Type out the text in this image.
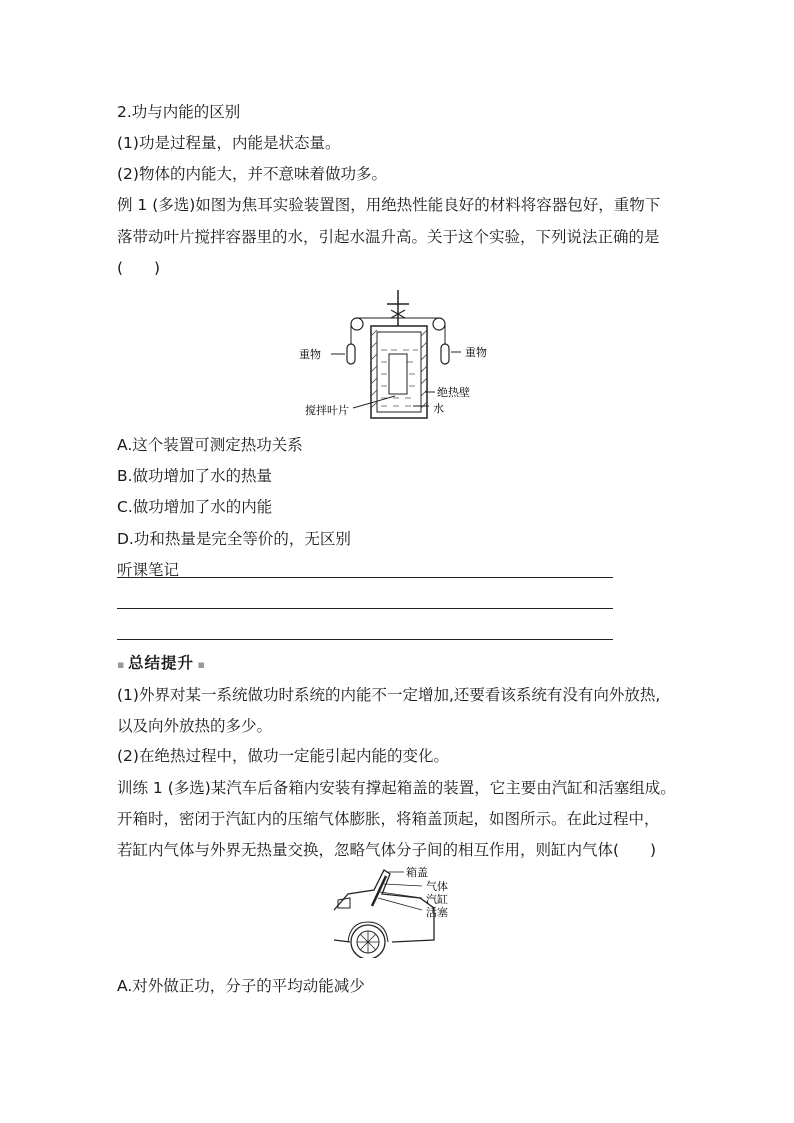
2.功与内能的区别
(1)功是过程量，内能是状态量。
(2)物体的内能大，并不意味着做功多。
例 1 (多选)如图为焦耳实验装置图，用绝热性能良好的材料将容器包好，重物下
落带动叶片搅拌容器里的水，引起水温升高。关于这个实验，下列说法正确的是
(　　)
重物	重物
绝热壁
水
搅拌叶片
A.这个装置可测定热功关系
B.做功增加了水的热量
C.做功增加了水的内能
D.功和热量是完全等价的，无区别
听课笔记
▪ 总结提升 ▪
(1)外界对某一系统做功时系统的内能不一定增加,还要看该系统有没有向外放热,
以及向外放热的多少。
(2)在绝热过程中，做功一定能引起内能的变化。
训练 1 (多选)某汽车后备箱内安装有撑起箱盖的装置，它主要由汽缸和活塞组成。
开箱时，密闭于汽缸内的压缩气体膨胀，将箱盖顶起，如图所示。在此过程中，
若缸内气体与外界无热量交换，忽略气体分子间的相互作用，则缸内气体(　　)
箱盖
气体
汽缸
活塞
A.对外做正功，分子的平均动能减少
